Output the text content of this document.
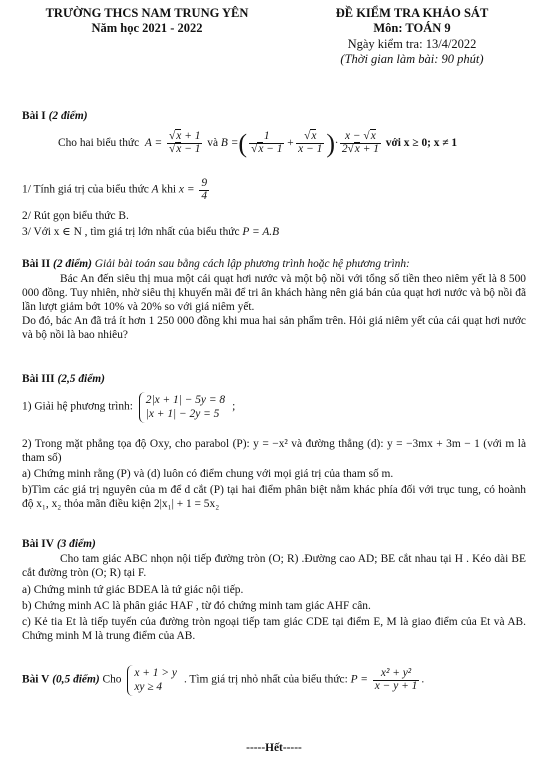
TRƯỜNG THCS NAM TRUNG YÊN
Năm học 2021 - 2022
ĐỀ KIỂM TRA KHẢO SÁT
Môn: TOÁN 9
Ngày kiểm tra: 13/4/2022
(Thời gian làm bài: 90 phút)
Bài I (2 điểm)
Cho hai biểu thức  $A = \frac{√x + 1}{√x - 1}$ và B =( $\frac{1}{√x - 1} + \frac{√x}{x - 1}$ )· $\frac{x - √x}{2√x + 1}$ với x ≥ 0; x ≠ 1
1/ Tính giá trị của biểu thức A khi $x = \frac{9}{4}$
2/ Rút gọn biểu thức B.
3/ Với x ∈ N , tìm giá trị lớn nhất của biểu thức P = A.B
Bài II (2 điểm) Giải bài toán sau bằng cách lập phương trình hoặc hệ phương trình:

Bác An đến siêu thị mua một cái quạt hơi nước và một bộ nồi với tổng số tiền theo niêm yết là 8 500 000 đồng. Tuy nhiên, nhờ siêu thị khuyến mãi để tri ân khách hàng nên giá bán của quạt hơi nước và bộ nồi đã lần lượt giảm bớt 10% và 20% so với giá niêm yết.

Do đó, bác An đã trả ít hơn 1 250 000 đồng khi mua hai sản phẩm trên. Hỏi giá niêm yết của cái quạt hơi nước và bộ nồi là bao nhiêu?

Bài III (2,5 điểm)
1) Giải hệ phương trình:
2|x + 1| − 5y = 8
|x + 1| − 2y = 5
;
2) Trong mặt phẳng tọa độ Oxy, cho parabol (P): y = −x² và đường thẳng (d): y = −3mx + 3m − 1 (với m là tham số)
a) Chứng minh rằng (P) và (d) luôn có điểm chung với mọi giá trị của tham số m.
b)Tìm các giá trị nguyên của m để d cắt (P) tại hai điểm phân biệt nằm khác phía đối với trục tung, có hoành độ x₁, x₂ thỏa mãn điều kiện 2|x₁| + 1 = 5x₂
Bài IV (3 điểm)
Cho tam giác ABC nhọn nội tiếp đường tròn (O; R) .Đường cao AD; BE cắt nhau tại H . Kéo dài BE cắt đường tròn (O; R) tại F.
a) Chứng minh tứ giác BDEA là tứ giác nội tiếp.
b) Chứng minh AC là phân giác HAF , từ đó chứng minh tam giác AHF cân.
c) Kẻ tia Et là tiếp tuyến của đường tròn ngoại tiếp tam giác CDE tại điểm E, M là giao điểm của Et và AB. Chứng minh M là trung điểm của AB.
Bài V (0,5 điểm) Cho
x + 1 > y
xy ≥ 4
. Tìm giá trị nhỏ nhất của biểu thức: $P = \frac{\text{x² + y²}}{x - y + 1}$ .
-----Hết-----
